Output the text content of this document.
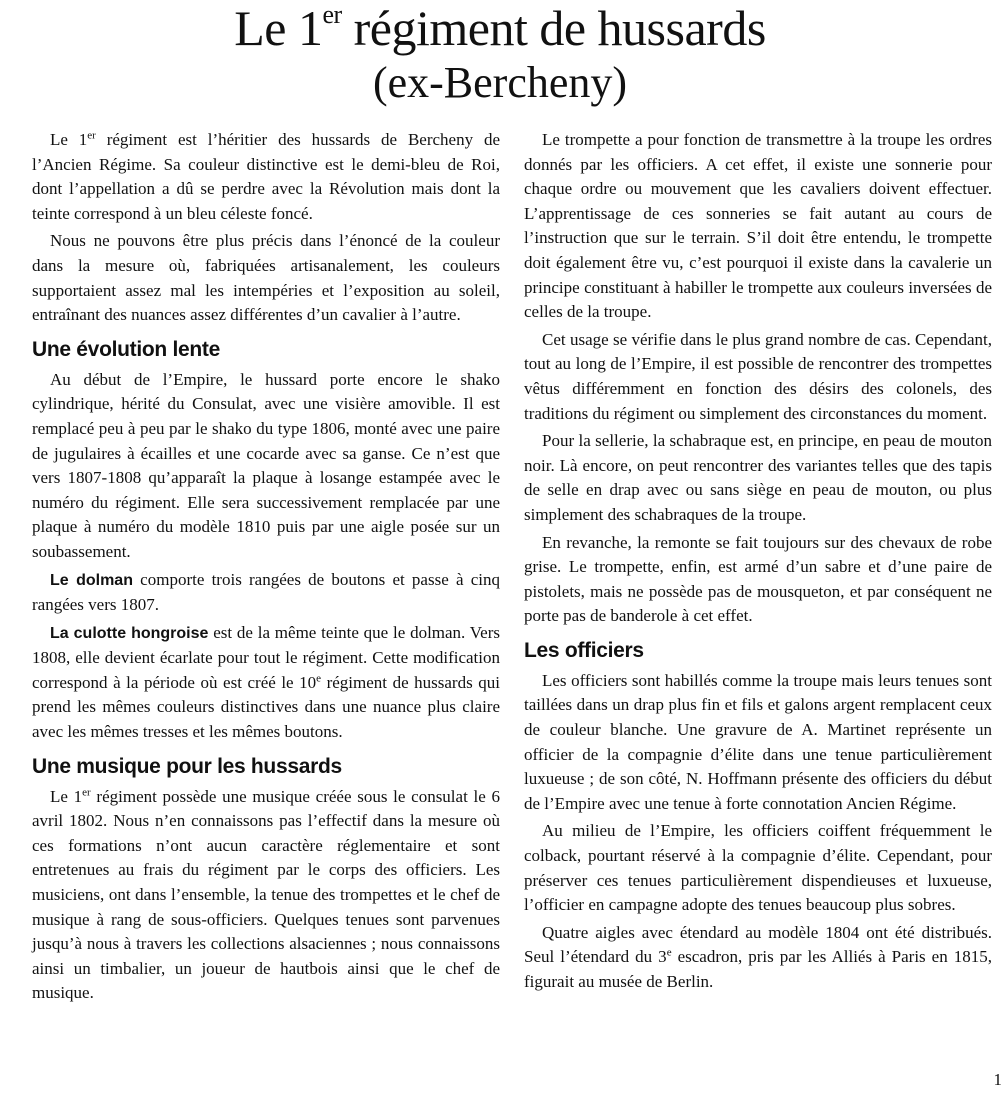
Le 1er régiment de hussards
(ex-Bercheny)

Le 1er régiment est l’héritier des hussards de Bercheny de l’Ancien Régime. Sa couleur distinctive est le demi-bleu de Roi, dont l’appellation a dû se perdre avec la Révolution mais dont la teinte correspond à un bleu céleste foncé.

Nous ne pouvons être plus précis dans l’énoncé de la couleur dans la mesure où, fabriquées artisanalement, les couleurs supportaient assez mal les intempéries et l’exposition au soleil, entraînant des nuances assez différentes d’un cavalier à l’autre.

Une évolution lente

Au début de l’Empire, le hussard porte encore le shako cylindrique, hérité du Consulat, avec une visière amovible. Il est remplacé peu à peu par le shako du type 1806, monté avec une paire de jugulaires à écailles et une cocarde avec sa ganse. Ce n’est que vers 1807-1808 qu’apparaît la plaque à losange estampée avec le numéro du régiment. Elle sera successivement remplacée par une plaque à numéro du modèle 1810 puis par une aigle posée sur un soubassement.

Le dolman comporte trois rangées de boutons et passe à cinq rangées vers 1807.

La culotte hongroise est de la même teinte que le dolman. Vers 1808, elle devient écarlate pour tout le régiment. Cette modification correspond à la période où est créé le 10e régiment de hussards qui prend les mêmes couleurs distinctives dans une nuance plus claire avec les mêmes tresses et les mêmes boutons.

Une musique pour les hussards

Le 1er régiment possède une musique créée sous le consulat le 6 avril 1802. Nous n’en connaissons pas l’effectif dans la mesure où ces formations n’ont aucun caractère réglementaire et sont entretenues au frais du régiment par le corps des officiers. Les musiciens, ont dans l’ensemble, la tenue des trompettes et le chef de musique à rang de sous-officiers. Quelques tenues sont parvenues jusqu’à nous à travers les collections alsaciennes ; nous connaissons ainsi un timbalier, un joueur de hautbois ainsi que le chef de musique.

Le trompette a pour fonction de transmettre à la troupe les ordres donnés par les officiers. A cet effet, il existe une sonnerie pour chaque ordre ou mouvement que les cavaliers doivent effectuer. L’apprentissage de ces sonneries se fait autant au cours de l’instruction que sur le terrain. S’il doit être entendu, le trompette doit également être vu, c’est pourquoi il existe dans la cavalerie un principe constituant à habiller le trompette aux couleurs inversées de celles de la troupe.

Cet usage se vérifie dans le plus grand nombre de cas. Cependant, tout au long de l’Empire, il est possible de rencontrer des trompettes vêtus différemment en fonction des désirs des colonels, des traditions du régiment ou simplement des circonstances du moment.

Pour la sellerie, la schabraque est, en principe, en peau de mouton noir. Là encore, on peut rencontrer des variantes telles que des tapis de selle en drap avec ou sans siège en peau de mouton, ou plus simplement des schabraques de la troupe.

En revanche, la remonte se fait toujours sur des chevaux de robe grise. Le trompette, enfin, est armé d’un sabre et d’une paire de pistolets, mais ne possède pas de mousqueton, et par conséquent ne porte pas de banderole à cet effet.

Les officiers

Les officiers sont habillés comme la troupe mais leurs tenues sont taillées dans un drap plus fin et fils et galons argent remplacent ceux de couleur blanche. Une gravure de A. Martinet représente un officier de la compagnie d’élite dans une tenue particulièrement luxueuse ; de son côté, N. Hoffmann présente des officiers du début de l’Empire avec une tenue à forte connotation Ancien Régime.

Au milieu de l’Empire, les officiers coiffent fréquemment le colback, pourtant réservé à la compagnie d’élite. Cependant, pour préserver ces tenues particulièrement dispendieuses et luxueuse, l’officier en campagne adopte des tenues beaucoup plus sobres.

Quatre aigles avec étendard au modèle 1804 ont été distribués. Seul l’étendard du 3e escadron, pris par les Alliés à Paris en 1815, figurait au musée de Berlin.

1
